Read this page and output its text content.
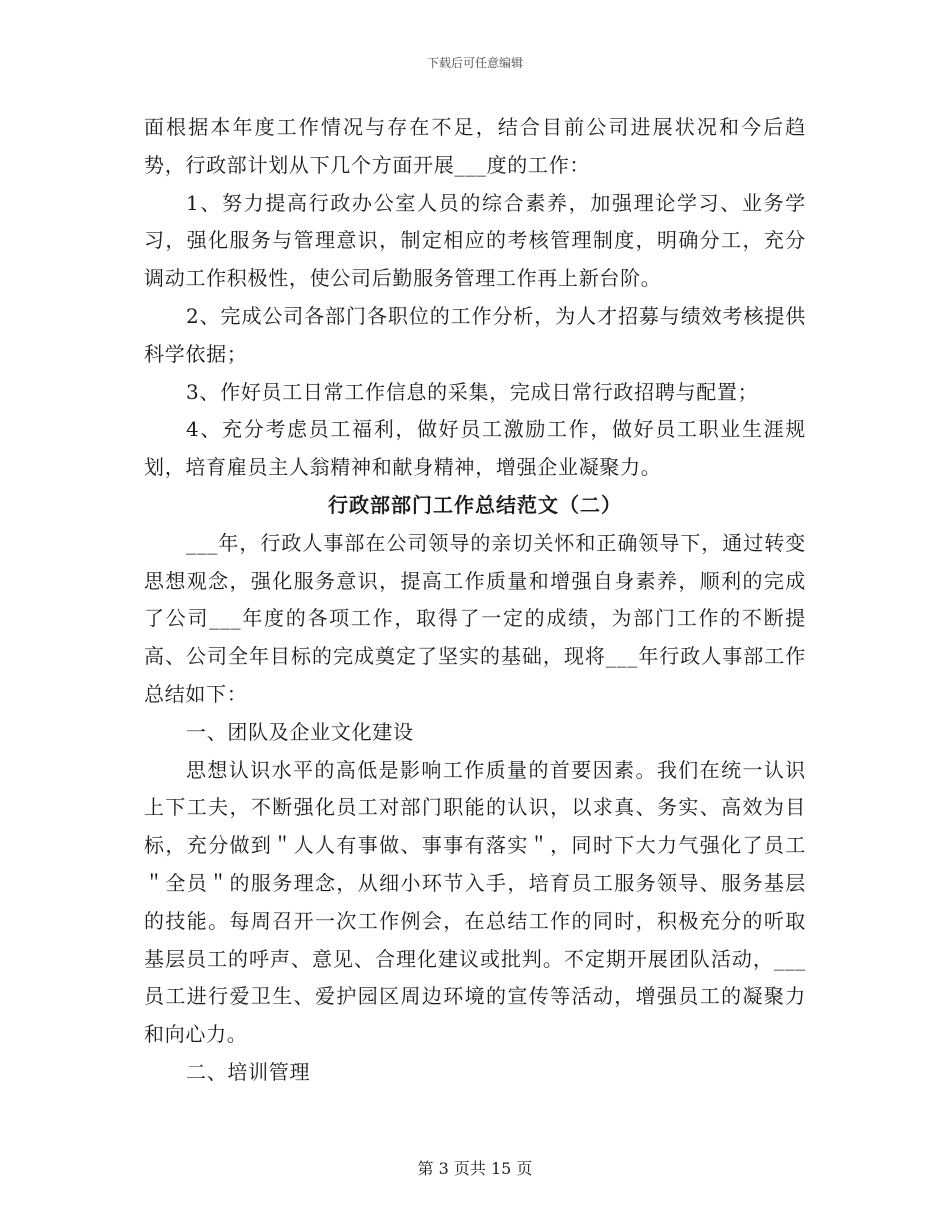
下载后可任意编辑

面根据本年度工作情况与存在不足，结合目前公司进展状况和今后趋势，行政部计划从下几个方面开展___度的工作：

1、努力提高行政办公室人员的综合素养，加强理论学习、业务学习，强化服务与管理意识，制定相应的考核管理制度，明确分工，充分调动工作积极性，使公司后勤服务管理工作再上新台阶。

2、完成公司各部门各职位的工作分析，为人才招募与绩效考核提供科学依据；

3、作好员工日常工作信息的采集，完成日常行政招聘与配置；

4、充分考虑员工福利，做好员工激励工作，做好员工职业生涯规划，培育雇员主人翁精神和献身精神，增强企业凝聚力。

行政部部门工作总结范文（二）

___年，行政人事部在公司领导的亲切关怀和正确领导下，通过转变思想观念，强化服务意识，提高工作质量和增强自身素养，顺利的完成了公司___年度的各项工作，取得了一定的成绩，为部门工作的不断提高、公司全年目标的完成奠定了坚实的基础，现将___年行政人事部工作总结如下：

一、团队及企业文化建设

思想认识水平的高低是影响工作质量的首要因素。我们在统一认识上下工夫，不断强化员工对部门职能的认识，以求真、务实、高效为目标，充分做到＂人人有事做、事事有落实＂，同时下大力气强化了员工＂全员＂的服务理念，从细小环节入手，培育员工服务领导、服务基层的技能。每周召开一次工作例会，在总结工作的同时，积极充分的听取基层员工的呼声、意见、合理化建议或批判。不定期开展团队活动，___员工进行爱卫生、爱护园区周边环境的宣传等活动，增强员工的凝聚力和向心力。

二、培训管理

第 3 页共 15 页
